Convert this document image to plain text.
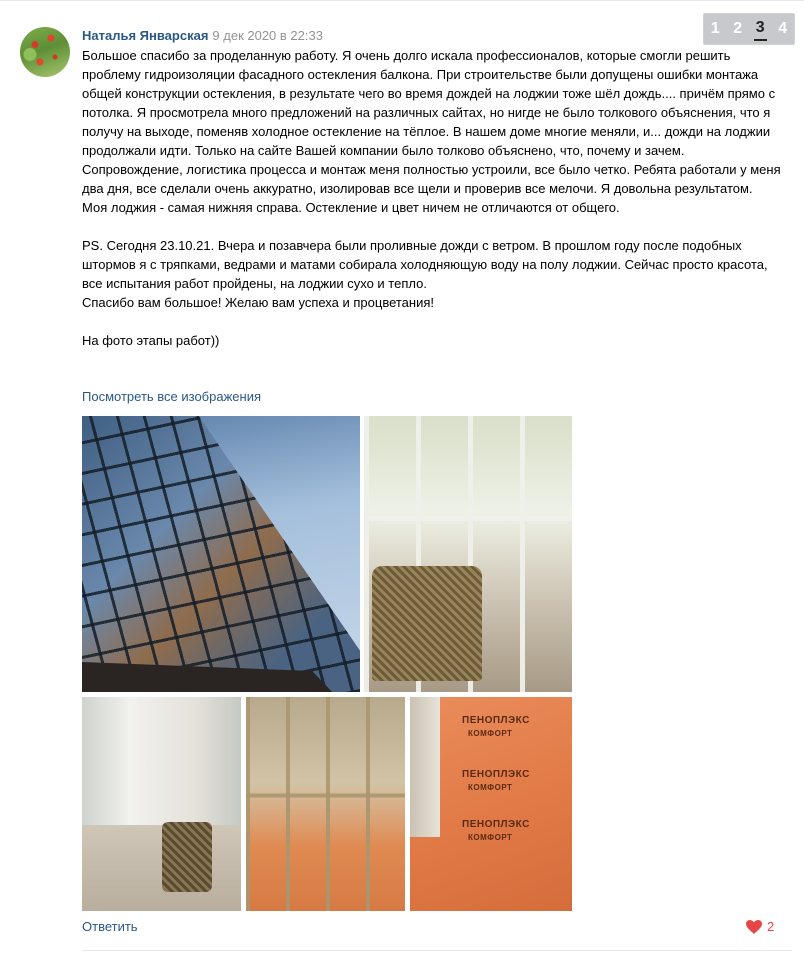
Наталья Январская 9 дек 2020 в 22:33	1 2 3 4

Большое спасибо за проделанную работу. Я очень долго искала профессионалов, которые смогли решить проблему гидроизоляции фасадного остекления балкона. При строительстве были допущены ошибки монтажа общей конструкции остекления, в результате чего во время дождей на лоджии тоже шёл дождь.... причём прямо с потолка. Я просмотрела много предложений на различных сайтах, но нигде не было толкового объяснения, что я получу на выходе, поменяв холодное остекление на тёплое. В нашем доме многие меняли, и... дожди на лоджии продолжали идти. Только на сайте Вашей компании было толково объяснено, что, почему и зачем.

Сопровождение, логистика процесса и монтаж меня полностью устроили, все было четко. Ребята работали у меня два дня, все сделали очень аккуратно, изолировав все щели и проверив все мелочи. Я довольна результатом.

Моя лоджия - самая нижняя справа. Остекление и цвет ничем не отличаются от общего.

PS. Сегодня 23.10.21. Вчера и позавчера были проливные дожди с ветром. В прошлом году после подобных штормов я с тряпками, ведрами и матами собирала холодняющую воду на полу лоджии. Сейчас просто красота, все испытания работ пройдены, на лоджии сухо и тепло.

Спасибо вам большое! Желаю вам успеха и процветания!

На фото этапы работ))

Посмотреть все изображения
ПЕНОПЛЭКС
КОМФОРТ
ПЕНОПЛЭКС
КОМФОРТ
ПЕНОПЛЭКС
КОМФОРТ
Ответить	2
